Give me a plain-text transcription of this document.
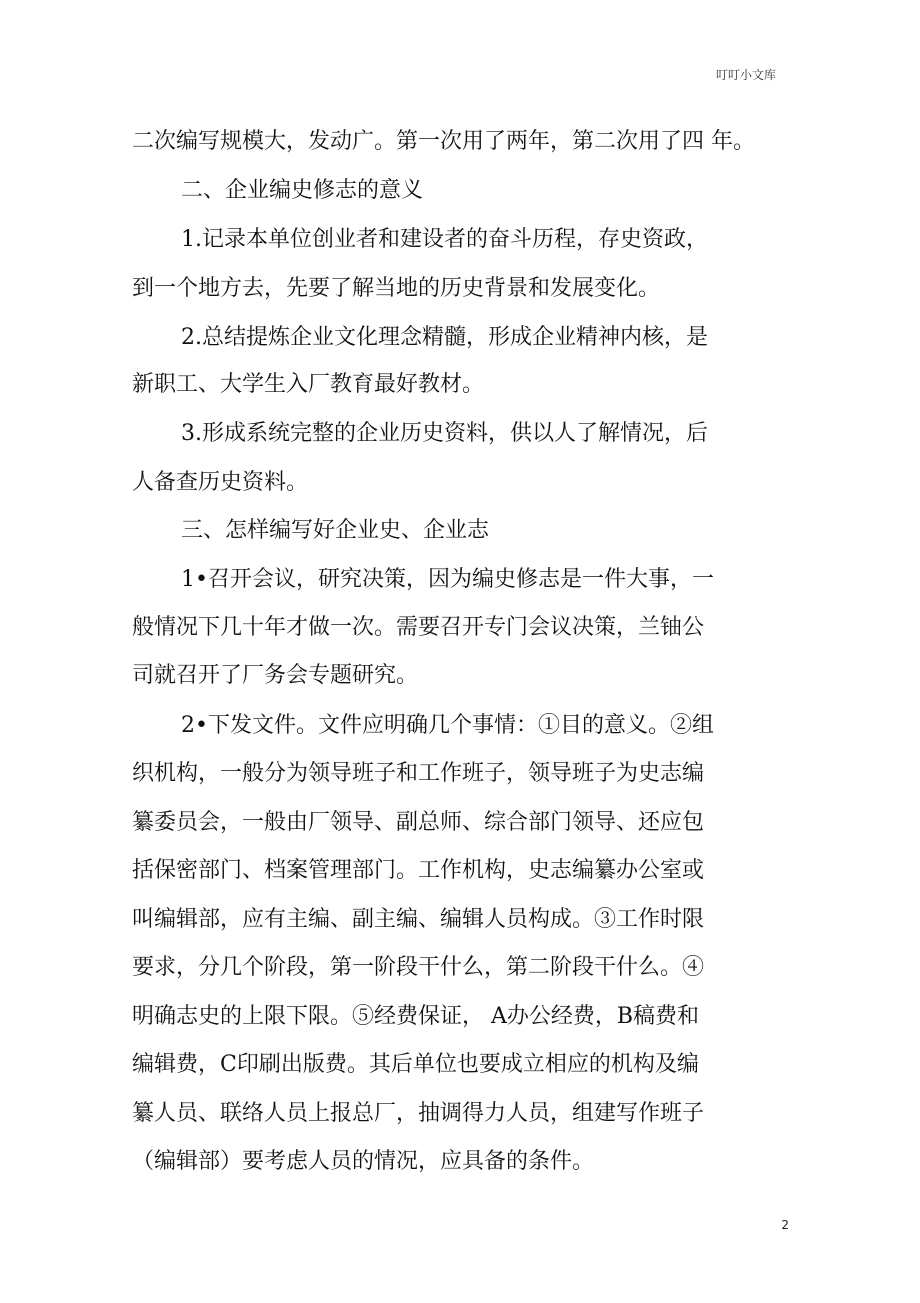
叮叮小文库
二次编写规模大，发动广。第一次用了两年，第二次用了四 年。
二、企业编史修志的意义
1.记录本单位创业者和建设者的奋斗历程，存史资政，
到一个地方去，先要了解当地的历史背景和发展变化。
2.总结提炼企业文化理念精髓，形成企业精神内核，是
新职工、大学生入厂教育最好教材。
3.形成系统完整的企业历史资料，供以人了解情况，后
人备查历史资料。
三、怎样编写好企业史、企业志
1•召开会议，研究决策，因为编史修志是一件大事，一
般情况下几十年才做一次。需要召开专门会议决策，兰铀公
司就召开了厂务会专题研究。
2•下发文件。文件应明确几个事情：①目的意义。②组
织机构，一般分为领导班子和工作班子，领导班子为史志编
纂委员会，一般由厂领导、副总师、综合部门领导、还应包
括保密部门、档案管理部门。工作机构，史志编纂办公室或
叫编辑部，应有主编、副主编、编辑人员构成。③工作时限
要求，分几个阶段，第一阶段干什么，第二阶段干什么。④
明确志史的上限下限。⑤经费保证， A办公经费，B稿费和
编辑费，C印刷出版费。其后单位也要成立相应的机构及编
纂人员、联络人员上报总厂，抽调得力人员，组建写作班子
（编辑部）要考虑人员的情况，应具备的条件。
2
